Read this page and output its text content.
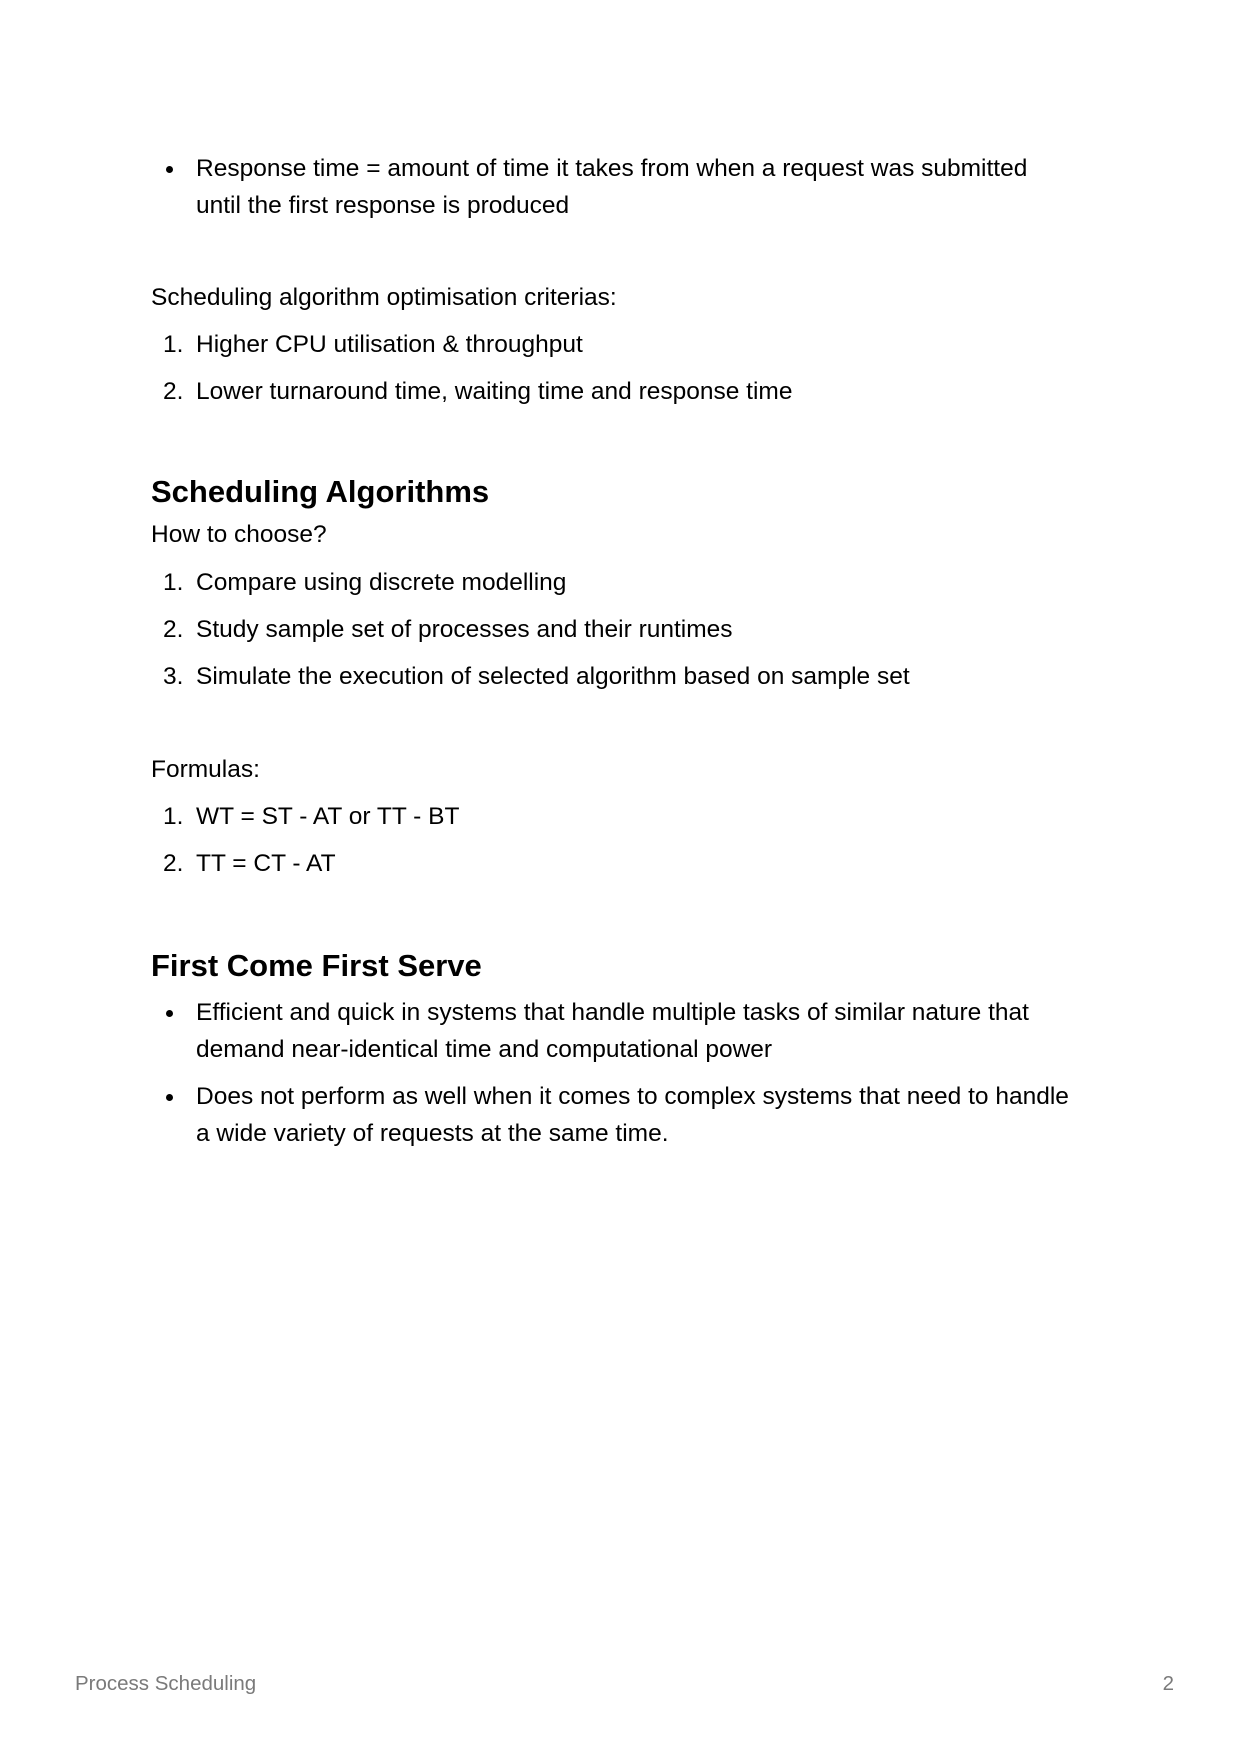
Response time = amount of time it takes from when a request was submitted
until the first response is produced

Scheduling algorithm optimisation criterias:

1. Higher CPU utilisation & throughput
2. Lower turnaround time, waiting time and response time
Scheduling Algorithms

How to choose?

1. Compare using discrete modelling
2. Study sample set of processes and their runtimes
3. Simulate the execution of selected algorithm based on sample set

Formulas:

1. WT = ST - AT or TT - BT
2. TT = CT - AT
First Come First Serve
Efficient and quick in systems that handle multiple tasks of similar nature that
demand near-identical time and computational power
Does not perform as well when it comes to complex systems that need to handle
a wide variety of requests at the same time.
Process Scheduling	2
